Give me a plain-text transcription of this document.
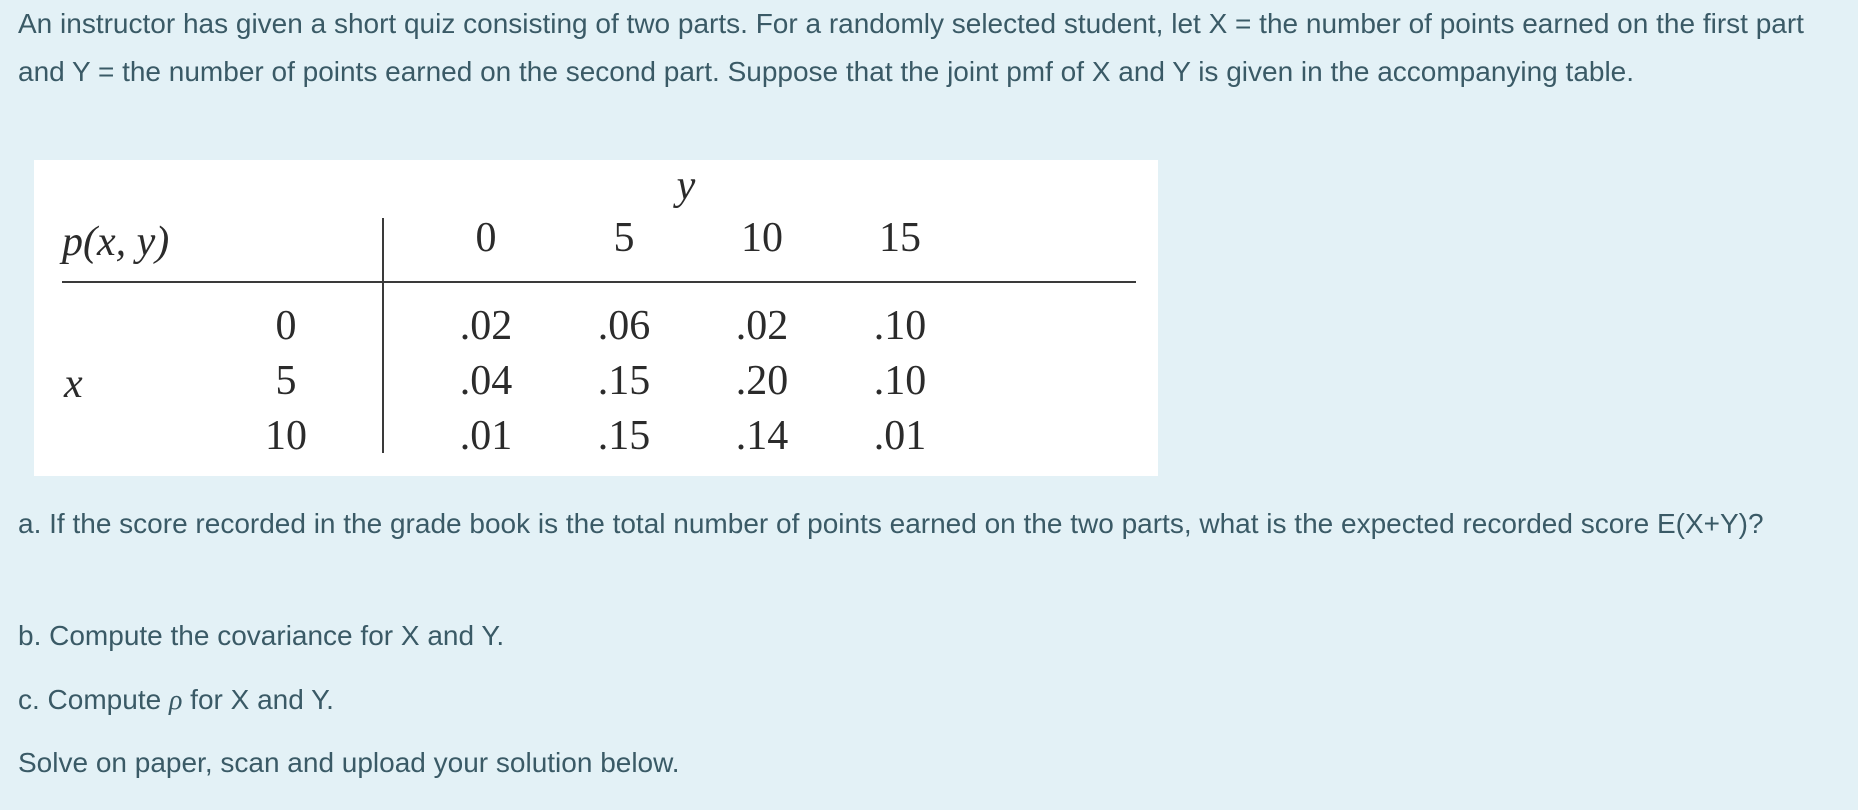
An instructor has given a short quiz consisting of two parts. For a randomly selected student, let X = the number of points earned on the first part and Y = the number of points earned on the second part. Suppose that the joint pmf of X and Y is given in the accompanying table.

p(x, y)
y
0	5	10 15
x
0
5
10
.02 .06 .02 .10
.04 .15 .20 .10
.01 .15 .14 .01

a. If the score recorded in the grade book is the total number of points earned on the two parts, what is the expected recorded score E(X+Y)?

b. Compute the covariance for X and Y.

c. Compute ρ for X and Y.

Solve on paper, scan and upload your solution below.
